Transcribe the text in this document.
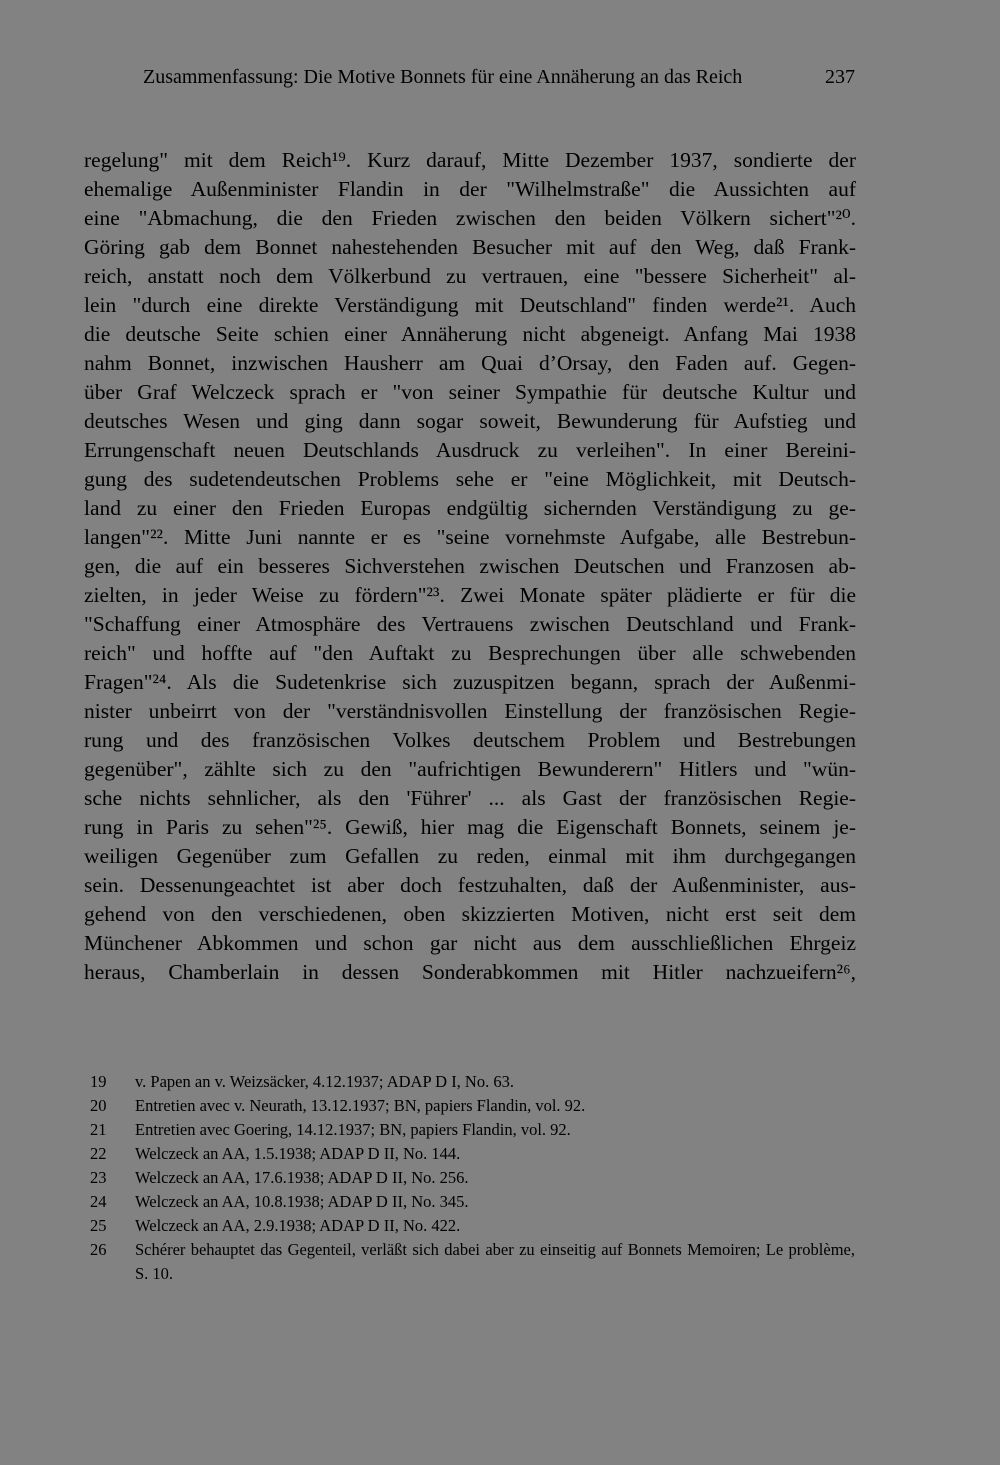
Zusammenfassung: Die Motive Bonnets für eine Annäherung an das Reich	237
regelung" mit dem Reich¹⁹. Kurz darauf, Mitte Dezember 1937, sondierte der
ehemalige Außenminister Flandin in der "Wilhelmstraße" die Aussichten auf
eine "Abmachung, die den Frieden zwischen den beiden Völkern sichert"²⁰.
Göring gab dem Bonnet nahestehenden Besucher mit auf den Weg, daß Frank-
reich, anstatt noch dem Völkerbund zu vertrauen, eine "bessere Sicherheit" al-
lein "durch eine direkte Verständigung mit Deutschland" finden werde²¹. Auch
die deutsche Seite schien einer Annäherung nicht abgeneigt. Anfang Mai 1938
nahm Bonnet, inzwischen Hausherr am Quai d’Orsay, den Faden auf. Gegen-
über Graf Welczeck sprach er "von seiner Sympathie für deutsche Kultur und
deutsches Wesen und ging dann sogar soweit, Bewunderung für Aufstieg und
Errungenschaft neuen Deutschlands Ausdruck zu verleihen". In einer Bereini-
gung des sudetendeutschen Problems sehe er "eine Möglichkeit, mit Deutsch-
land zu einer den Frieden Europas endgültig sichernden Verständigung zu ge-
langen"²². Mitte Juni nannte er es "seine vornehmste Aufgabe, alle Bestrebun-
gen, die auf ein besseres Sichverstehen zwischen Deutschen und Franzosen ab-
zielten, in jeder Weise zu fördern"²³. Zwei Monate später plädierte er für die
"Schaffung einer Atmosphäre des Vertrauens zwischen Deutschland und Frank-
reich" und hoffte auf "den Auftakt zu Besprechungen über alle schwebenden
Fragen"²⁴. Als die Sudetenkrise sich zuzuspitzen begann, sprach der Außenmi-
nister unbeirrt von der "verständnisvollen Einstellung der französischen Regie-
rung und des französischen Volkes deutschem Problem und Bestrebungen
gegenüber", zählte sich zu den "aufrichtigen Bewunderern" Hitlers und "wün-
sche nichts sehnlicher, als den 'Führer' ... als Gast der französischen Regie-
rung in Paris zu sehen"²⁵. Gewiß, hier mag die Eigenschaft Bonnets, seinem je-
weiligen Gegenüber zum Gefallen zu reden, einmal mit ihm durchgegangen
sein. Dessenungeachtet ist aber doch festzuhalten, daß der Außenminister, aus-
gehend von den verschiedenen, oben skizzierten Motiven, nicht erst seit dem
Münchener Abkommen und schon gar nicht aus dem ausschließlichen Ehrgeiz
heraus, Chamberlain in dessen Sonderabkommen mit Hitler nachzueifern²⁶,
19	v. Papen an v. Weizsäcker, 4.12.1937; ADAP D I, No. 63.
20	Entretien avec v. Neurath, 13.12.1937; BN, papiers Flandin, vol. 92.
21	Entretien avec Goering, 14.12.1937; BN, papiers Flandin, vol. 92.
22	Welczeck an AA, 1.5.1938; ADAP D II, No. 144.
23	Welczeck an AA, 17.6.1938; ADAP D II, No. 256.
24	Welczeck an AA, 10.8.1938; ADAP D II, No. 345.
25	Welczeck an AA, 2.9.1938; ADAP D II, No. 422.
26	Schérer behauptet das Gegenteil, verläßt sich dabei aber zu einseitig auf Bonnets Memoiren; Le problème, S. 10.
